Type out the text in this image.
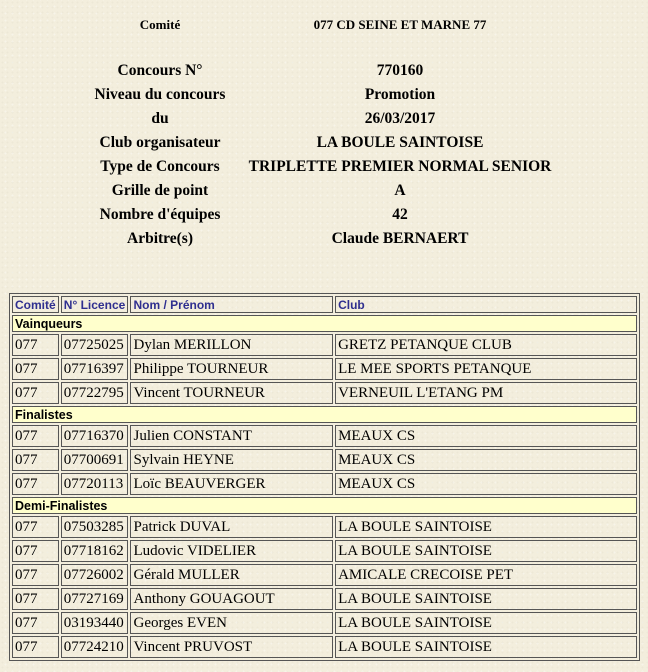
Comité	077 CD SEINE ET MARNE 77
Concours N°	770160
Niveau du concours	Promotion
du	26/03/2017
Club organisateur	LA BOULE SAINTOISE
Type de Concours	TRIPLETTE PREMIER NORMAL SENIOR
Grille de point	A
Nombre d'équipes	42
Arbitre(s)	Claude BERNAERT
Comité	N° Licence	Nom / Prénom	Club
Vainqueurs			
077	07725025	Dylan MERILLON	GRETZ PETANQUE CLUB
077	07716397	Philippe TOURNEUR	LE MEE SPORTS PETANQUE
077	07722795	Vincent TOURNEUR	VERNEUIL L'ETANG PM
Finalistes			
077	07716370	Julien CONSTANT	MEAUX CS
077	07700691	Sylvain HEYNE	MEAUX CS
077	07720113	Loïc BEAUVERGER	MEAUX CS
Demi-Finalistes			
077	07503285	Patrick DUVAL	LA BOULE SAINTOISE
077	07718162	Ludovic VIDELIER	LA BOULE SAINTOISE
077	07726002	Gérald MULLER	AMICALE CRECOISE PET
077	07727169	Anthony GOUAGOUT	LA BOULE SAINTOISE
077	03193440	Georges EVEN	LA BOULE SAINTOISE
077	07724210	Vincent PRUVOST	LA BOULE SAINTOISE
